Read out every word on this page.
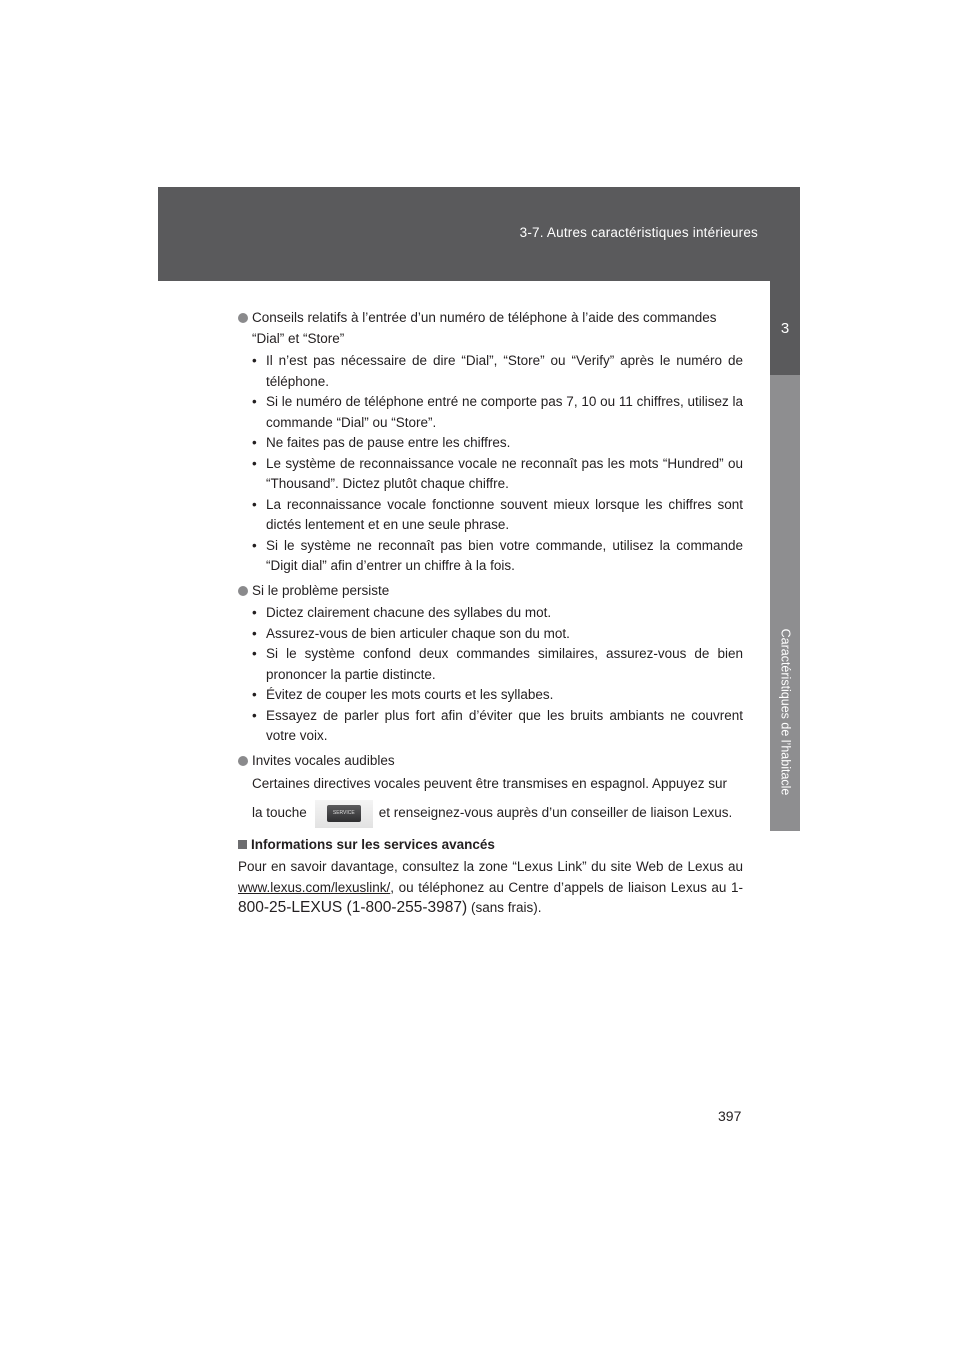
3-7. Autres caractéristiques intérieures
3
Caractéristiques de l’habitacle
Conseils relatifs à l’entrée d’un numéro de téléphone à l’aide des commandes “Dial” et “Store”
• Il n’est pas nécessaire de dire “Dial”, “Store” ou “Verify” après le numéro de téléphone.
• Si le numéro de téléphone entré ne comporte pas 7, 10 ou 11 chiffres, utilisez la commande “Dial” ou “Store”.
• Ne faites pas de pause entre les chiffres.
• Le système de reconnaissance vocale ne reconnaît pas les mots “Hundred” ou “Thousand”. Dictez plutôt chaque chiffre.
• La reconnaissance vocale fonctionne souvent mieux lorsque les chiffres sont dictés lentement et en une seule phrase.
• Si le système ne reconnaît pas bien votre commande, utilisez la commande “Digit dial” afin d’entrer un chiffre à la fois.
Si le problème persiste
• Dictez clairement chacune des syllabes du mot.
• Assurez-vous de bien articuler chaque son du mot.
• Si le système confond deux commandes similaires, assurez-vous de bien prononcer la partie distincte.
• Évitez de couper les mots courts et les syllabes.
• Essayez de parler plus fort afin d’éviter que les bruits ambiants ne couvrent votre voix.
Invites vocales audibles
Certaines directives vocales peuvent être transmises en espagnol. Appuyez sur
la touche	SERVICE	et renseignez-vous auprès d’un conseiller de liaison Lexus.
Informations sur les services avancés
Pour en savoir davantage, consultez la zone “Lexus Link” du site Web de Lexus au www.lexus.com/lexuslink/, ou téléphonez au Centre d’appels de liaison Lexus au 1- 800-25-LEXUS (1-800-255-3987) (sans frais).
397
